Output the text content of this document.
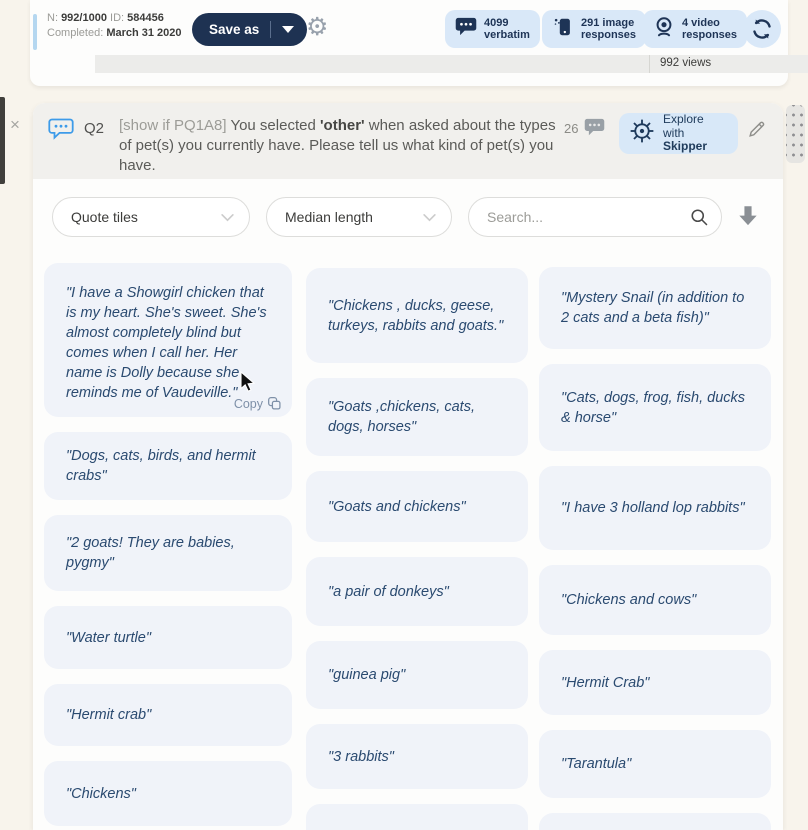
N: 992/1000 ID: 584456
Completed: March 31 2020 Save as ⚙	4099
verbatim
291 image
responses
4 video
responses
992 views
×	Q2 [show if PQ1A8] You selected 'other' when asked about the types of pet(s) you currently have. Please tell us what kind of pet(s) you have.
26
Explore
with Skipper
Quote tiles	Median length
Search...
"I have a Showgirl chicken that is my heart. She's sweet. She's almost completely blind but comes when I call her. Her name is Dolly because she reminds me of Vaudeville."
Copy
"Dogs, cats, birds, and hermit crabs"
"2 goats! They are babies, pygmy"
"Water turtle"
"Hermit crab"
"Chickens"
"Chickens , ducks, geese, turkeys, rabbits and goats."
"Goats ,chickens, cats, dogs, horses"
"Goats and chickens"
"a pair of donkeys"
"guinea pig"
"3 rabbits"
"Mystery Snail (in addition to 2 cats and a beta fish)"
"Cats, dogs, frog, fish, ducks & horse"
"I have 3 holland lop rabbits"
"Chickens and cows"
"Hermit Crab"
"Tarantula"
